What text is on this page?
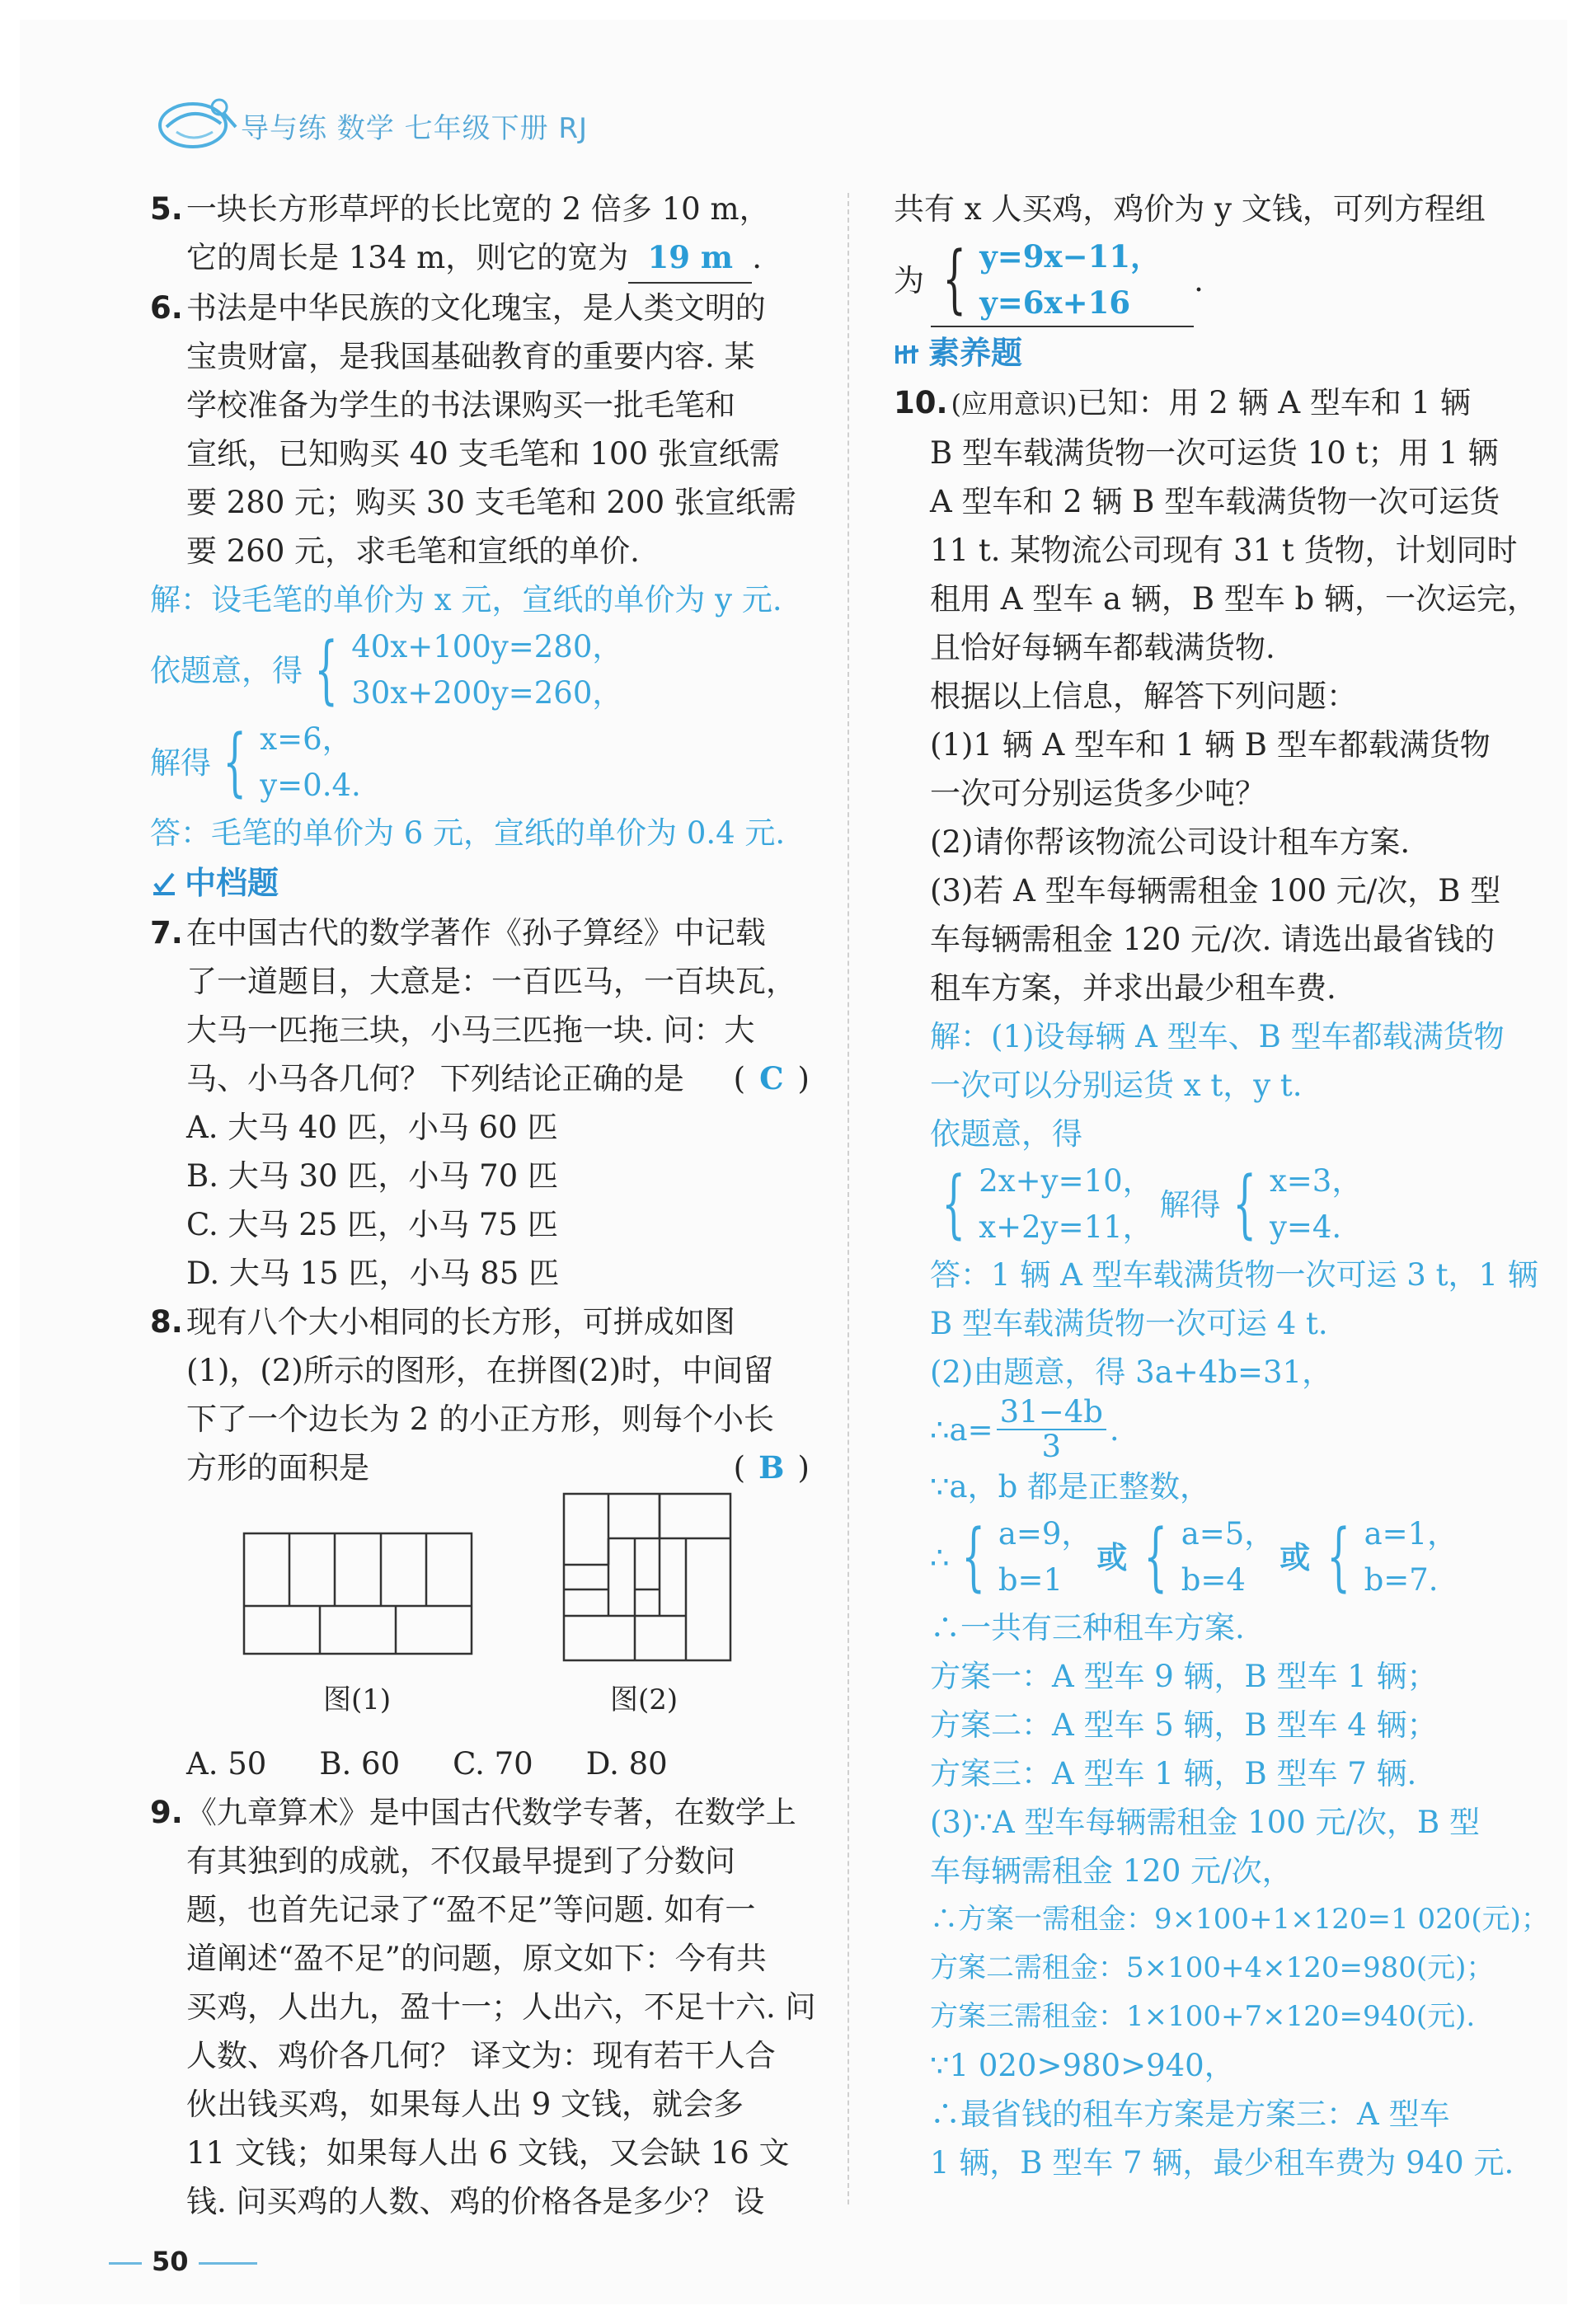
导与练 数学 七年级下册 RJ
5. 一块长方形草坪的长比宽的 2 倍多 10 m，
它的周长是 134 m，则它的宽为 19 m .
6. 书法是中华民族的文化瑰宝，是人类文明的
宝贵财富，是我国基础教育的重要内容. 某
学校准备为学生的书法课购买一批毛笔和
宣纸，已知购买 40 支毛笔和 100 张宣纸需
要 280 元；购买 30 支毛笔和 200 张宣纸需
要 260 元，求毛笔和宣纸的单价.
解：设毛笔的单价为 x 元，宣纸的单价为 y 元.
依题意，得 { 40x+100y=280，
30x+200y=260，
解得 { x=6，
y=0.4.
答：毛笔的单价为 6 元，宣纸的单价为 0.4 元.
中档题
7. 在中国古代的数学著作《孙子算经》中记载
了一道题目，大意是：一百匹马，一百块瓦，
大马一匹拖三块，小马三匹拖一块. 问：大
马、小马各几何？ 下列结论正确的是 ( C )
A. 大马 40 匹，小马 60 匹
B. 大马 30 匹，小马 70 匹
C. 大马 25 匹，小马 75 匹
D. 大马 15 匹，小马 85 匹
8. 现有八个大小相同的长方形，可拼成如图
(1)，(2)所示的图形，在拼图(2)时，中间留
下了一个边长为 2 的小正方形，则每个小长
方形的面积是	( B )
图(1)	图(2)
A. 50 B. 60 C. 70 D. 80
9. 《九章算术》是中国古代数学专著，在数学上
有其独到的成就，不仅最早提到了分数问
题，也首先记录了“盈不足”等问题. 如有一
道阐述“盈不足”的问题，原文如下：今有共
买鸡，人出九，盈十一；人出六，不足十六. 问
人数、鸡价各几何？ 译文为：现有若干人合
伙出钱买鸡，如果每人出 9 文钱，就会多
11 文钱；如果每人出 6 文钱，又会缺 16 文
钱. 问买鸡的人数、鸡的价格各是多少？ 设
共有 x 人买鸡，鸡价为 y 文钱，可列方程组
为 { y=9x−11，
y=6x+16
.
素养题
10. (应用意识)已知：用 2 辆 A 型车和 1 辆
B 型车载满货物一次可运货 10 t；用 1 辆
A 型车和 2 辆 B 型车载满货物一次可运货
11 t. 某物流公司现有 31 t 货物，计划同时
租用 A 型车 a 辆，B 型车 b 辆，一次运完，
且恰好每辆车都载满货物.
根据以上信息，解答下列问题：
(1)1 辆 A 型车和 1 辆 B 型车都载满货物
一次可分别运货多少吨？
(2)请你帮该物流公司设计租车方案.
(3)若 A 型车每辆需租金 100 元/次，B 型
车每辆需租金 120 元/次. 请选出最省钱的
租车方案，并求出最少租车费.
解：(1)设每辆 A 型车、B 型车都载满货物
一次可以分别运货 x t，y t.
依题意，得
{ 2x+y=10，
x+2y=11，
解得 { x=3，
y=4.
答：1 辆 A 型车载满货物一次可运 3 t，1 辆
B 型车载满货物一次可运 4 t.
(2)由题意，得 3a+4b=31，
∴a= $\frac{31-4b}{3}$ .
∵a，b 都是正整数，
∴ { a=9，
b=1
或 { a=5，
b=4
或 { a=1，
b=7.
∴一共有三种租车方案.
方案一：A 型车 9 辆，B 型车 1 辆；
方案二：A 型车 5 辆，B 型车 4 辆；
方案三：A 型车 1 辆，B 型车 7 辆.
(3)∵A 型车每辆需租金 100 元/次，B 型
车每辆需租金 120 元/次，
∴方案一需租金：9×100+1×120=1 020(元)；
方案二需租金：5×100+4×120=980(元)；
方案三需租金：1×100+7×120=940(元).
∵1 020>980>940，
∴最省钱的租车方案是方案三：A 型车
1 辆，B 型车 7 辆，最少租车费为 940 元.
50
